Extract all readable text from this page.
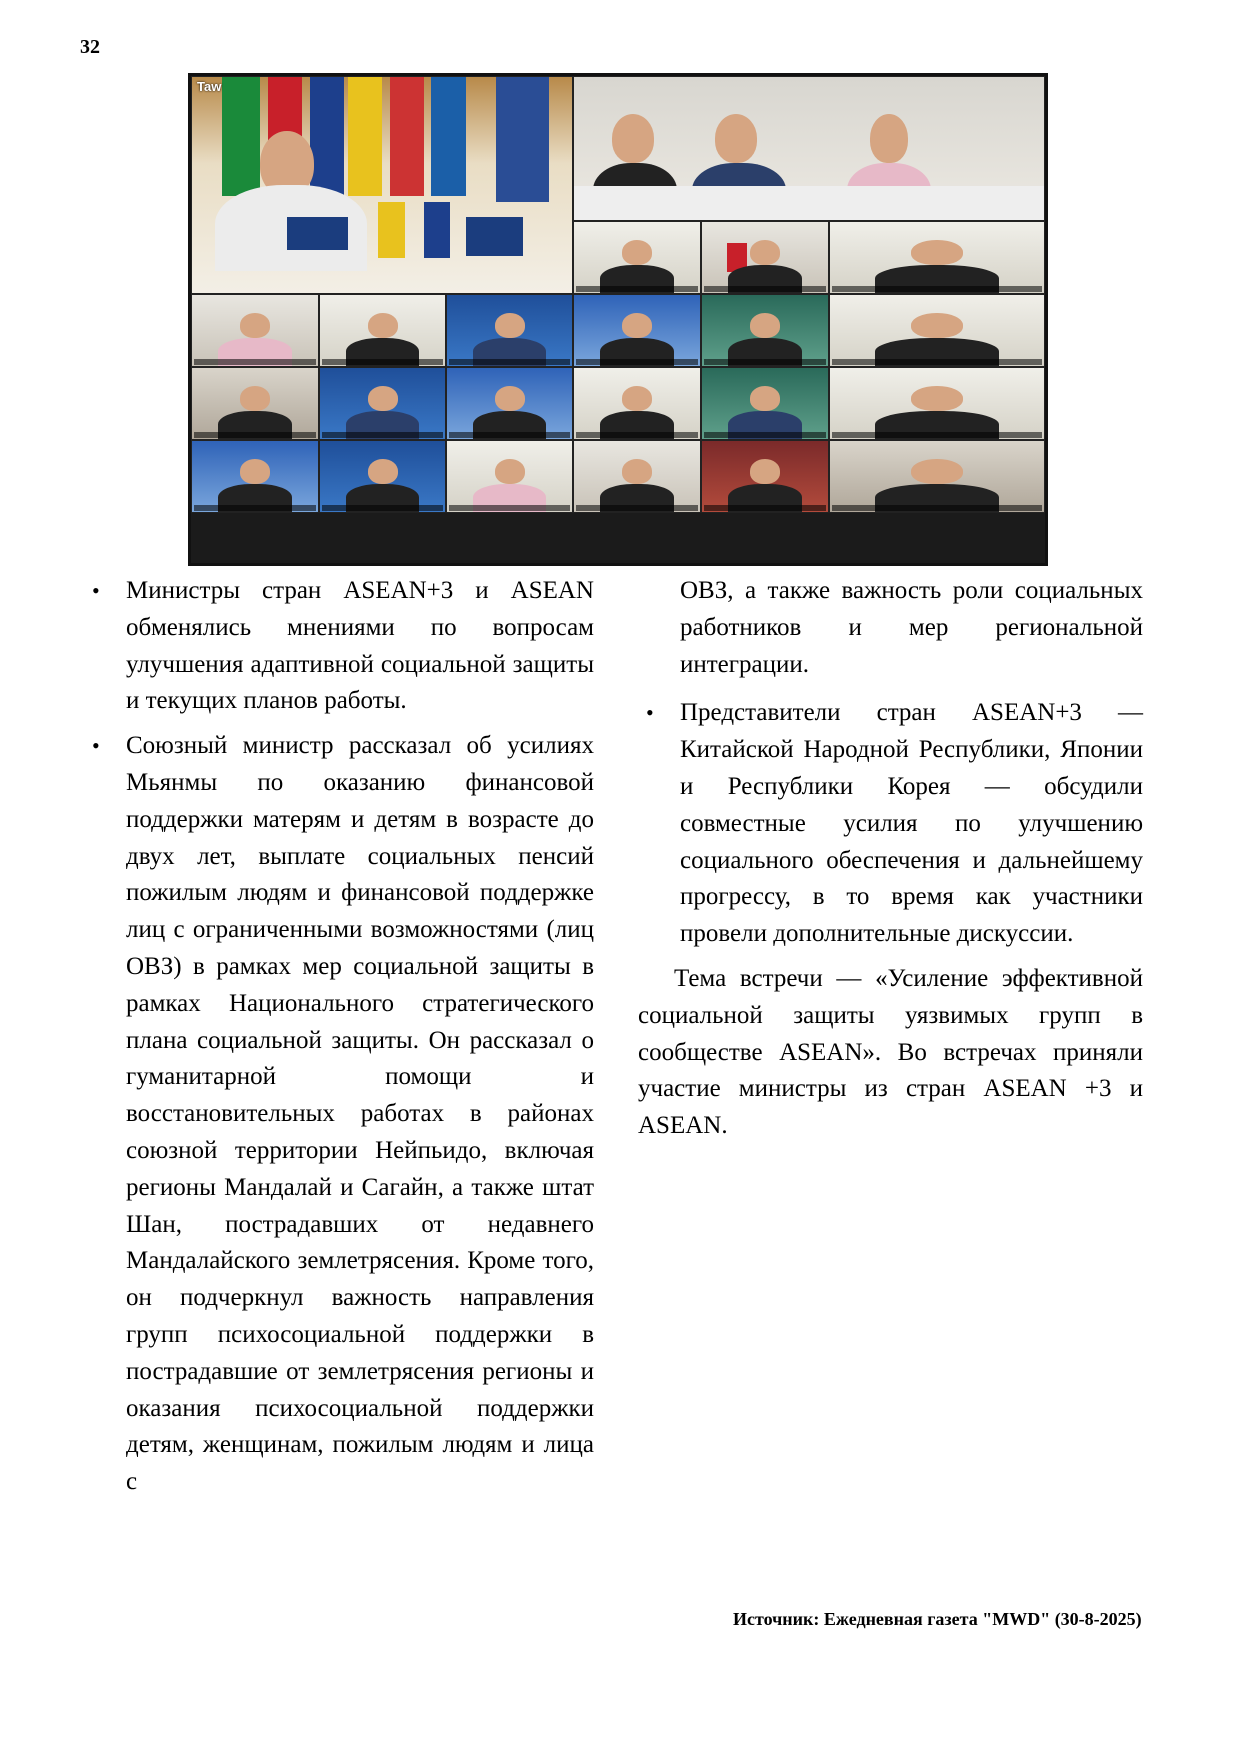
32
Taw
• Министры стран ASEAN+3 и ASEAN обменялись мнениями по вопросам улучшения адаптивной социальной защиты и текущих планов работы.
• Союзный министр рассказал об усилиях Мьянмы по оказанию финансовой поддержки матерям и детям в возрасте до двух лет, выплате социальных пенсий пожилым людям и финансовой поддержке лиц с ограниченными возможностями (лиц ОВЗ) в рамках мер социальной защиты в рамках Национального стратегического плана социальной защиты. Он рассказал о гуманитарной помощи и восстановительных работах в районах союзной территории Нейпьидо, включая регионы Мандалай и Сагайн, а также штат Шан, пострадавших от недавнего Мандалайского землетрясения. Кроме того, он подчеркнул важность направления групп психосоциальной поддержки в пострадавшие от землетрясения регионы и оказания психосоциальной поддержки детям, женщинам, пожилым людям и лица с
ОВЗ, а также важность роли социальных работников и мер региональной интеграции.
• Представители стран ASEAN+3 — Китайской Народной Республики, Японии и Республики Корея — обсудили совместные усилия по улучшению социального обеспечения и дальнейшему прогрессу, в то время как участники провели дополнительные дискуссии.
Тема встречи — «Усиление эффективной социальной защиты уязвимых групп в сообществе ASEAN». Во встречах приняли участие министры из стран ASEAN +3 и ASEAN.
Источник: Ежедневная газета "MWD" (30-8-2025)
